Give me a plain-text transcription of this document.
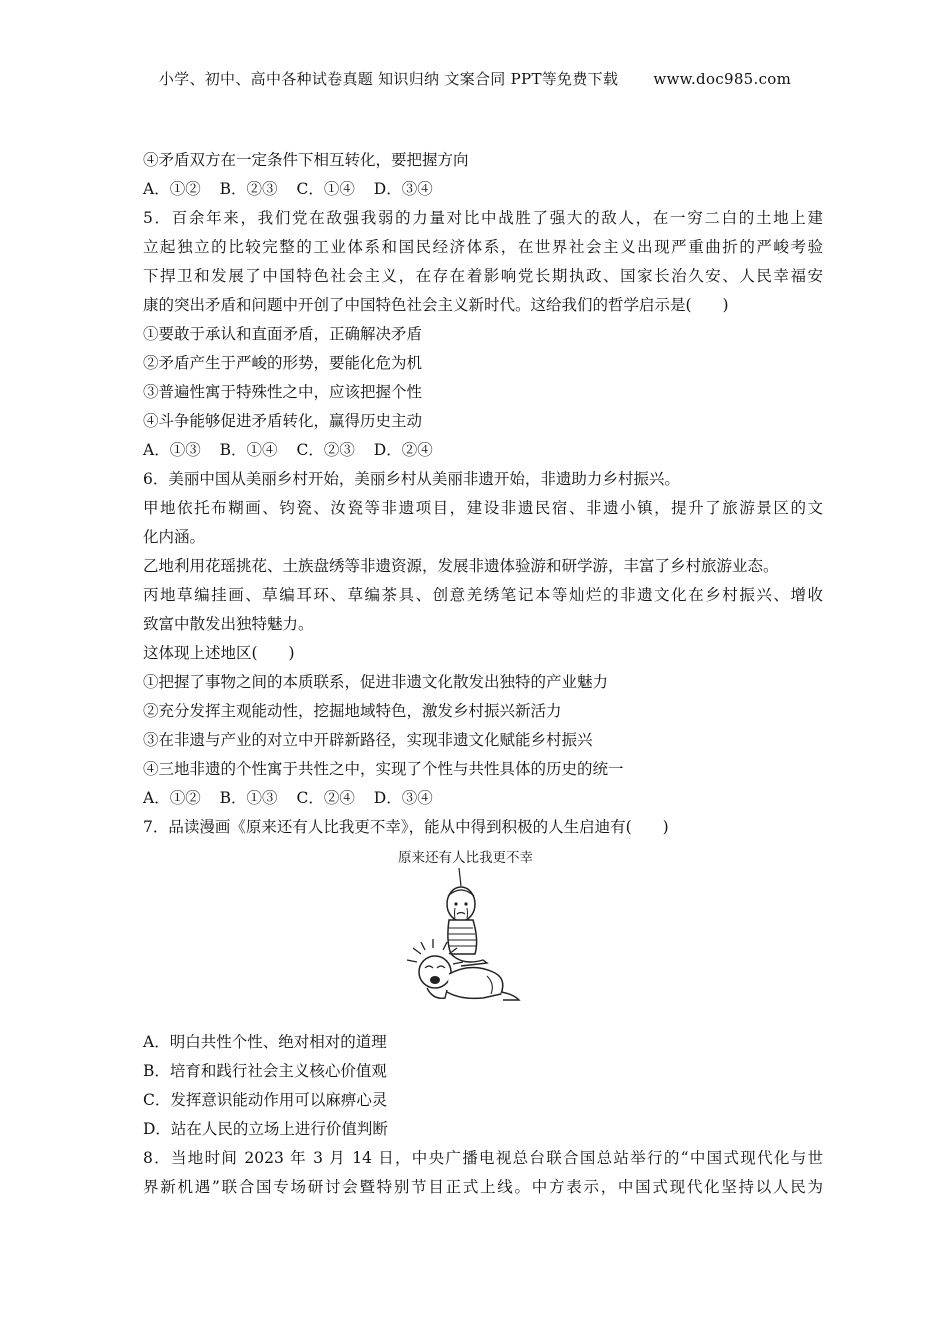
小学、初中、高中各种试卷真题 知识归纳 文案合同 PPT等免费下载 www.doc985.com
④矛盾双方在一定条件下相互转化，要把握方向
A．①② B．②③ C．①④ D．③④
5．百余年来，我们党在敌强我弱的力量对比中战胜了强大的敌人，在一穷二白的土地上建
立起独立的比较完整的工业体系和国民经济体系，在世界社会主义出现严重曲折的严峻考验
下捍卫和发展了中国特色社会主义，在存在着影响党长期执政、国家长治久安、人民幸福安
康的突出矛盾和问题中开创了中国特色社会主义新时代。这给我们的哲学启示是(　　)
①要敢于承认和直面矛盾，正确解决矛盾
②矛盾产生于严峻的形势，要能化危为机
③普遍性寓于特殊性之中，应该把握个性
④斗争能够促进矛盾转化，赢得历史主动
A．①③ B．①④ C．②③ D．②④
6．美丽中国从美丽乡村开始，美丽乡村从美丽非遗开始，非遗助力乡村振兴。
甲地依托布糊画、钧瓷、汝瓷等非遗项目，建设非遗民宿、非遗小镇，提升了旅游景区的文
化内涵。
乙地利用花瑶挑花、土族盘绣等非遗资源，发展非遗体验游和研学游，丰富了乡村旅游业态。
丙地草编挂画、草编耳环、草编茶具、创意羌绣笔记本等灿烂的非遗文化在乡村振兴、增收
致富中散发出独特魅力。
这体现上述地区(　　)
①把握了事物之间的本质联系，促进非遗文化散发出独特的产业魅力
②充分发挥主观能动性，挖掘地域特色，激发乡村振兴新活力
③在非遗与产业的对立中开辟新路径，实现非遗文化赋能乡村振兴
④三地非遗的个性寓于共性之中，实现了个性与共性具体的历史的统一
A．①② B．①③ C．②④ D．③④
7．品读漫画《原来还有人比我更不幸》，能从中得到积极的人生启迪有(　　)
原来还有人比我更不幸
A．明白共性个性、绝对相对的道理
B．培育和践行社会主义核心价值观
C．发挥意识能动作用可以麻痹心灵
D．站在人民的立场上进行价值判断
8．当地时间 2023 年 3 月 14 日，中央广播电视总台联合国总站举行的“中国式现代化与世
界新机遇”联合国专场研讨会暨特别节目正式上线。中方表示，中国式现代化坚持以人民为
